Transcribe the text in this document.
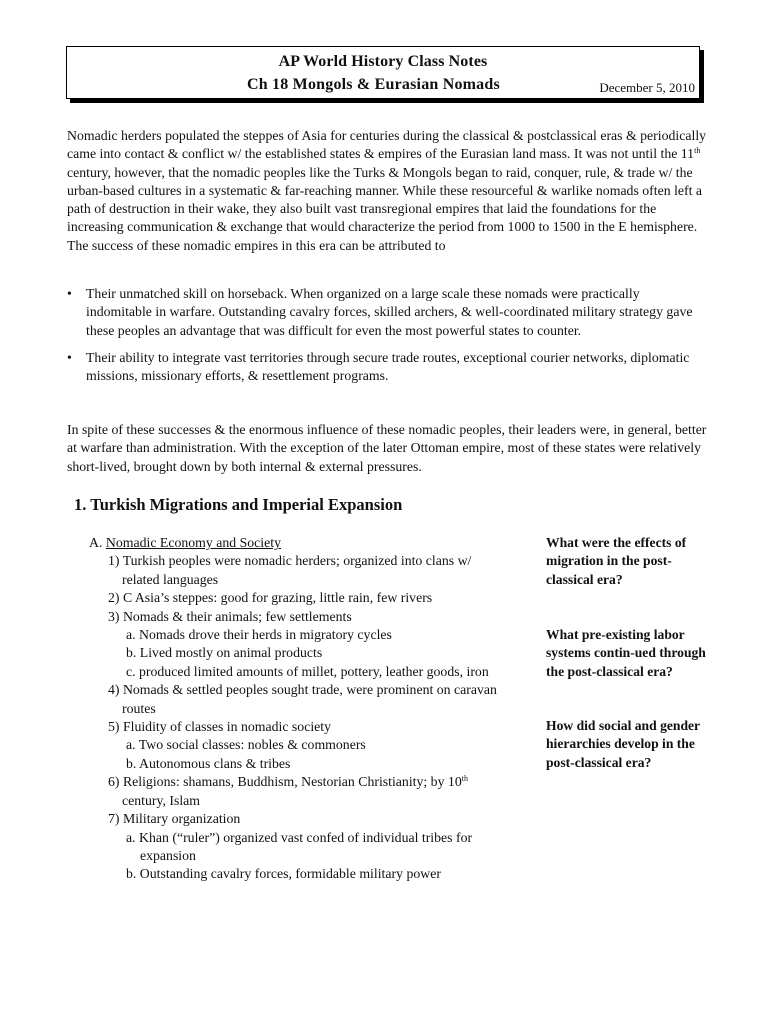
AP World History Class Notes
Ch 18 Mongols & Eurasian Nomads	December 5, 2010
Nomadic herders populated the steppes of Asia for centuries during the classical & postclassical eras & periodically came into contact & conflict w/ the established states & empires of the Eurasian land mass. It was not until the 11th century, however, that the nomadic peoples like the Turks & Mongols began to raid, conquer, rule, & trade w/ the urban-based cultures in a systematic & far-reaching manner. While these resourceful & warlike nomads often left a path of destruction in their wake, they also built vast transregional empires that laid the foundations for the increasing communication & exchange that would characterize the period from 1000 to 1500 in the E hemisphere. The success of these nomadic empires in this era can be attributed to
• Their unmatched skill on horseback. When organized on a large scale these nomads were practically indomitable in warfare. Outstanding cavalry forces, skilled archers, & well-coordinated military strategy gave these peoples an advantage that was difficult for even the most powerful states to counter.
• Their ability to integrate vast territories through secure trade routes, exceptional courier networks, diplomatic missions, missionary efforts, & resettlement programs.
In spite of these successes & the enormous influence of these nomadic peoples, their leaders were, in general, better at warfare than administration. With the exception of the later Ottoman empire, most of these states were relatively short-lived, brought down by both internal & external pressures.
1. Turkish Migrations and Imperial Expansion
A. Nomadic Economy and Society
1) Turkish peoples were nomadic herders; organized into clans w/
related languages
2) C Asia’s steppes: good for grazing, little rain, few rivers
3) Nomads & their animals; few settlements
a. Nomads drove their herds in migratory cycles
b. Lived mostly on animal products
c. produced limited amounts of millet, pottery, leather goods, iron
4) Nomads & settled peoples sought trade, were prominent on caravan
routes
5) Fluidity of classes in nomadic society
a. Two social classes: nobles & commoners
b. Autonomous clans & tribes
6) Religions: shamans, Buddhism, Nestorian Christianity; by 10th
century, Islam
7) Military organization
a. Khan (“ruler”) organized vast confed of individual tribes for
expansion
b. Outstanding cavalry forces, formidable military power
What were the effects of migration in the post-classical era?
What pre-existing labor systems contin-ued through the post-classical era?
How did social and gender hierarchies develop in the post-classical era?
